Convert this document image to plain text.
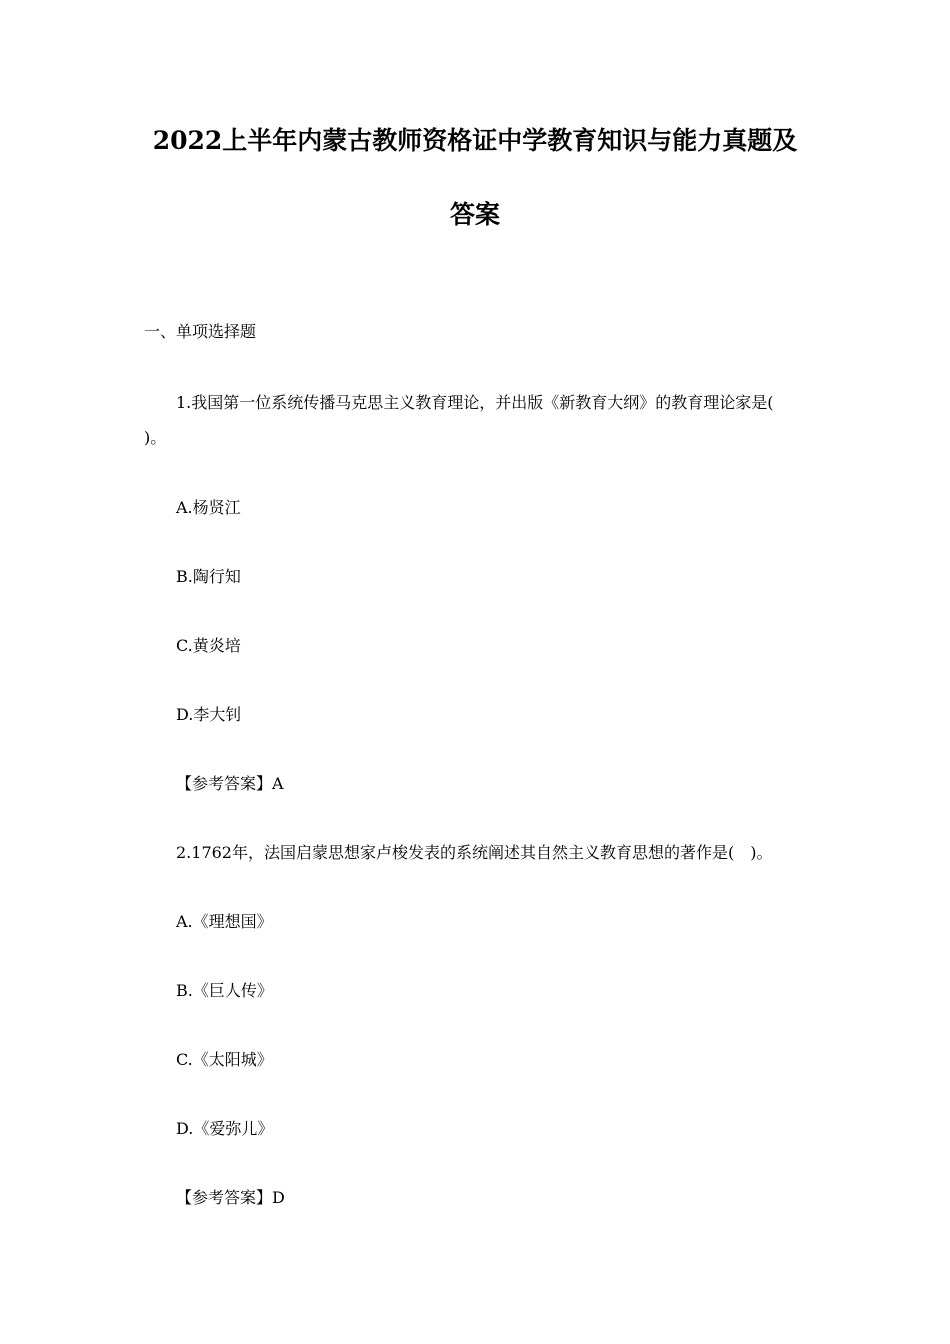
2022上半年内蒙古教师资格证中学教育知识与能力真题及
答案

一、单项选择题

1.我国第一位系统传播马克思主义教育理论，并出版《新教育大纲》的教育理论家是(

)。

A.杨贤江

B.陶行知

C.黄炎培

D.李大钊

【参考答案】A

2.1762年，法国启蒙思想家卢梭发表的系统阐述其自然主义教育思想的著作是(　)。

A.《理想国》

B.《巨人传》

C.《太阳城》

D.《爱弥儿》

【参考答案】D
